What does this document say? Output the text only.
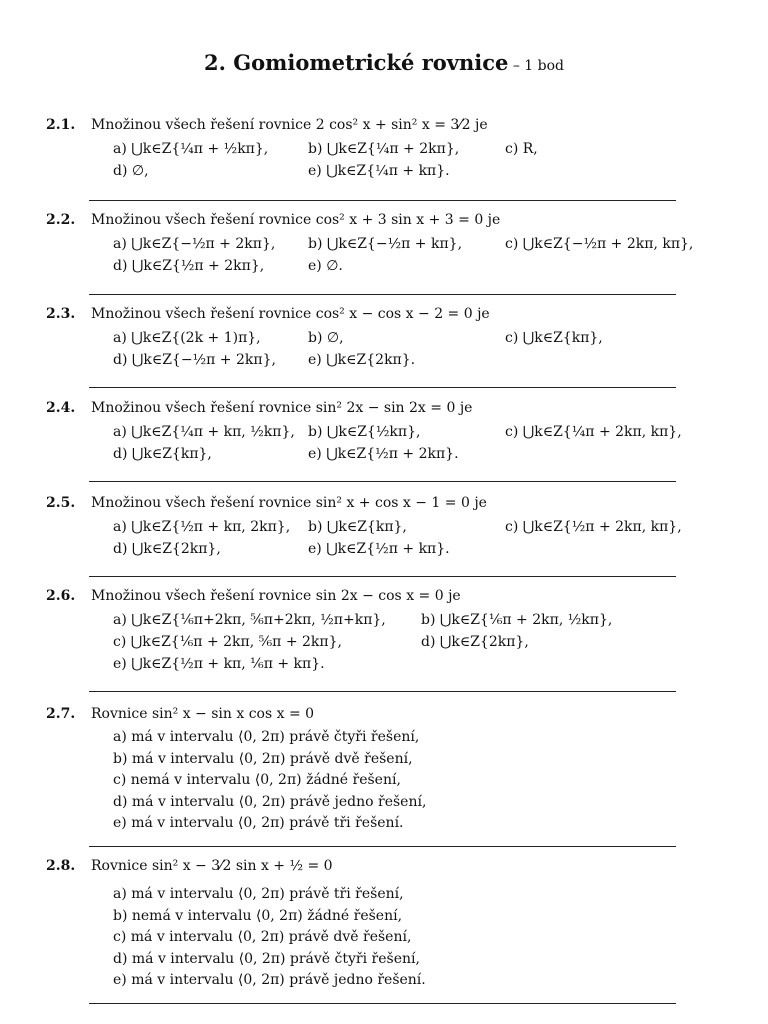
2. Gomiometrické rovnice – 1 bod
2.1. Množinou všech řešení rovnice 2 cos² x + sin² x = 3⁄2 je
a) ⋃k∈Z{¼π + ½kπ},	b) ⋃k∈Z{¼π + 2kπ},	c) R,
d) ∅,	e) ⋃k∈Z{¼π + kπ}.
2.2. Množinou všech řešení rovnice cos² x + 3 sin x + 3 = 0 je
a) ⋃k∈Z{−½π + 2kπ}, b) ⋃k∈Z{−½π + kπ},	c) ⋃k∈Z{−½π + 2kπ, kπ},
d) ⋃k∈Z{½π + 2kπ},	e) ∅.
2.3. Množinou všech řešení rovnice cos² x − cos x − 2 = 0 je
a) ⋃k∈Z{(2k + 1)π},	b) ∅,	c) ⋃k∈Z{kπ},
d) ⋃k∈Z{−½π + 2kπ}, e) ⋃k∈Z{2kπ}.
2.4. Množinou všech řešení rovnice sin² 2x − sin 2x = 0 je
a) ⋃k∈Z{¼π + kπ, ½kπ}, b) ⋃k∈Z{½kπ},	c) ⋃k∈Z{¼π + 2kπ, kπ},
d) ⋃k∈Z{kπ},	e) ⋃k∈Z{½π + 2kπ}.
2.5. Množinou všech řešení rovnice sin² x + cos x − 1 = 0 je
a) ⋃k∈Z{½π + kπ, 2kπ}, b) ⋃k∈Z{kπ},	c) ⋃k∈Z{½π + 2kπ, kπ},
d) ⋃k∈Z{2kπ},	e) ⋃k∈Z{½π + kπ}.
2.6. Množinou všech řešení rovnice sin 2x − cos x = 0 je
a) ⋃k∈Z{⅙π+2kπ, ⅚π+2kπ, ½π+kπ},	b) ⋃k∈Z{⅙π + 2kπ, ½kπ},
c) ⋃k∈Z{⅙π + 2kπ, ⅚π + 2kπ},	d) ⋃k∈Z{2kπ},
e) ⋃k∈Z{½π + kπ, ⅙π + kπ}.
2.7. Rovnice sin² x − sin x cos x = 0
a) má v intervalu ⟨0, 2π) právě čtyři řešení,
b) má v intervalu ⟨0, 2π) právě dvě řešení,
c) nemá v intervalu ⟨0, 2π) žádné řešení,
d) má v intervalu ⟨0, 2π) právě jedno řešení,
e) má v intervalu ⟨0, 2π) právě tři řešení.
2.8. Rovnice sin² x − 3⁄2 sin x + ½ = 0
a) má v intervalu ⟨0, 2π) právě tři řešení,
b) nemá v intervalu ⟨0, 2π) žádné řešení,
c) má v intervalu ⟨0, 2π) právě dvě řešení,
d) má v intervalu ⟨0, 2π) právě čtyři řešení,
e) má v intervalu ⟨0, 2π) právě jedno řešení.
